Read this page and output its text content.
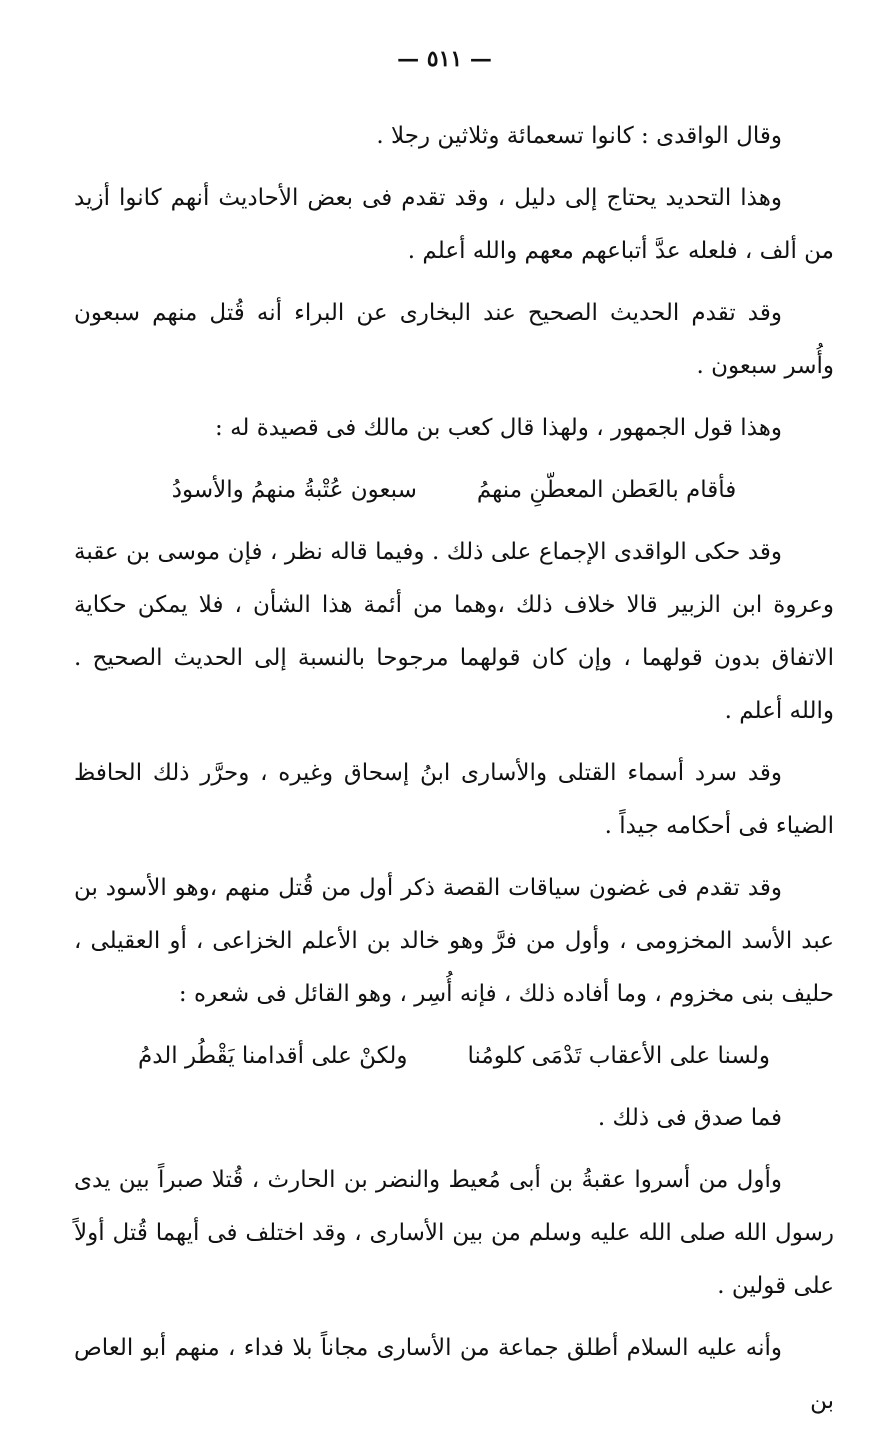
— ٥١١ —

وقال الواقدى : كانوا تسعمائة وثلاثين رجلا .

وهذا التحديد يحتاج إلى دليل ، وقد تقدم فى بعض الأحاديث أنهم كانوا أزيد من ألف ، فلعله عدَّ أتباعهم معهم والله أعلم .

وقد تقدم الحديث الصحيح عند البخارى عن البراء أنه قُتل منهم سبعون وأُسر سبعون .

وهذا قول الجمهور ، ولهذا قال كعب بن مالك فى قصيدة له :

فأقام بالعَطن المعطّنِ منهمُ
سبعون عُتْبةُ منهمُ والأسودُ

وقد حكى الواقدى الإجماع على ذلك . وفيما قاله نظر ، فإن موسى بن عقبة وعروة ابن الزبير قالا خلاف ذلك ،وهما من أئمة هذا الشأن ، فلا يمكن حكاية الاتفاق بدون قولهما ، وإن كان قولهما مرجوحا بالنسبة إلى الحديث الصحيح . والله أعلم .

وقد سرد أسماء القتلى والأسارى ابنُ إسحاق وغيره ، وحرَّر ذلك الحافظ الضياء فى أحكامه جيداً .

وقد تقدم فى غضون سياقات القصة ذكر أول من قُتل منهم ،وهو الأسود بن عبد الأسد المخزومى ، وأول من فرَّ وهو خالد بن الأعلم الخزاعى ، أو العقيلى ، حليف بنى مخزوم ، وما أفاده ذلك ، فإنه أُسِر ، وهو القائل فى شعره :

ولسنا على الأعقاب تَدْمَى كلومُنا
ولكنْ على أقدامنا يَقْطُر الدمُ

فما صدق فى ذلك .

وأول من أسروا عقبةُ بن أبى مُعيط والنضر بن الحارث ، قُتلا صبراً بين يدى رسول الله صلى الله عليه وسلم من بين الأسارى ، وقد اختلف فى أيهما قُتل أولاً على قولين .

وأنه عليه السلام أطلق جماعة من الأسارى مجاناً بلا فداء ، منهم أبو العاص بن
